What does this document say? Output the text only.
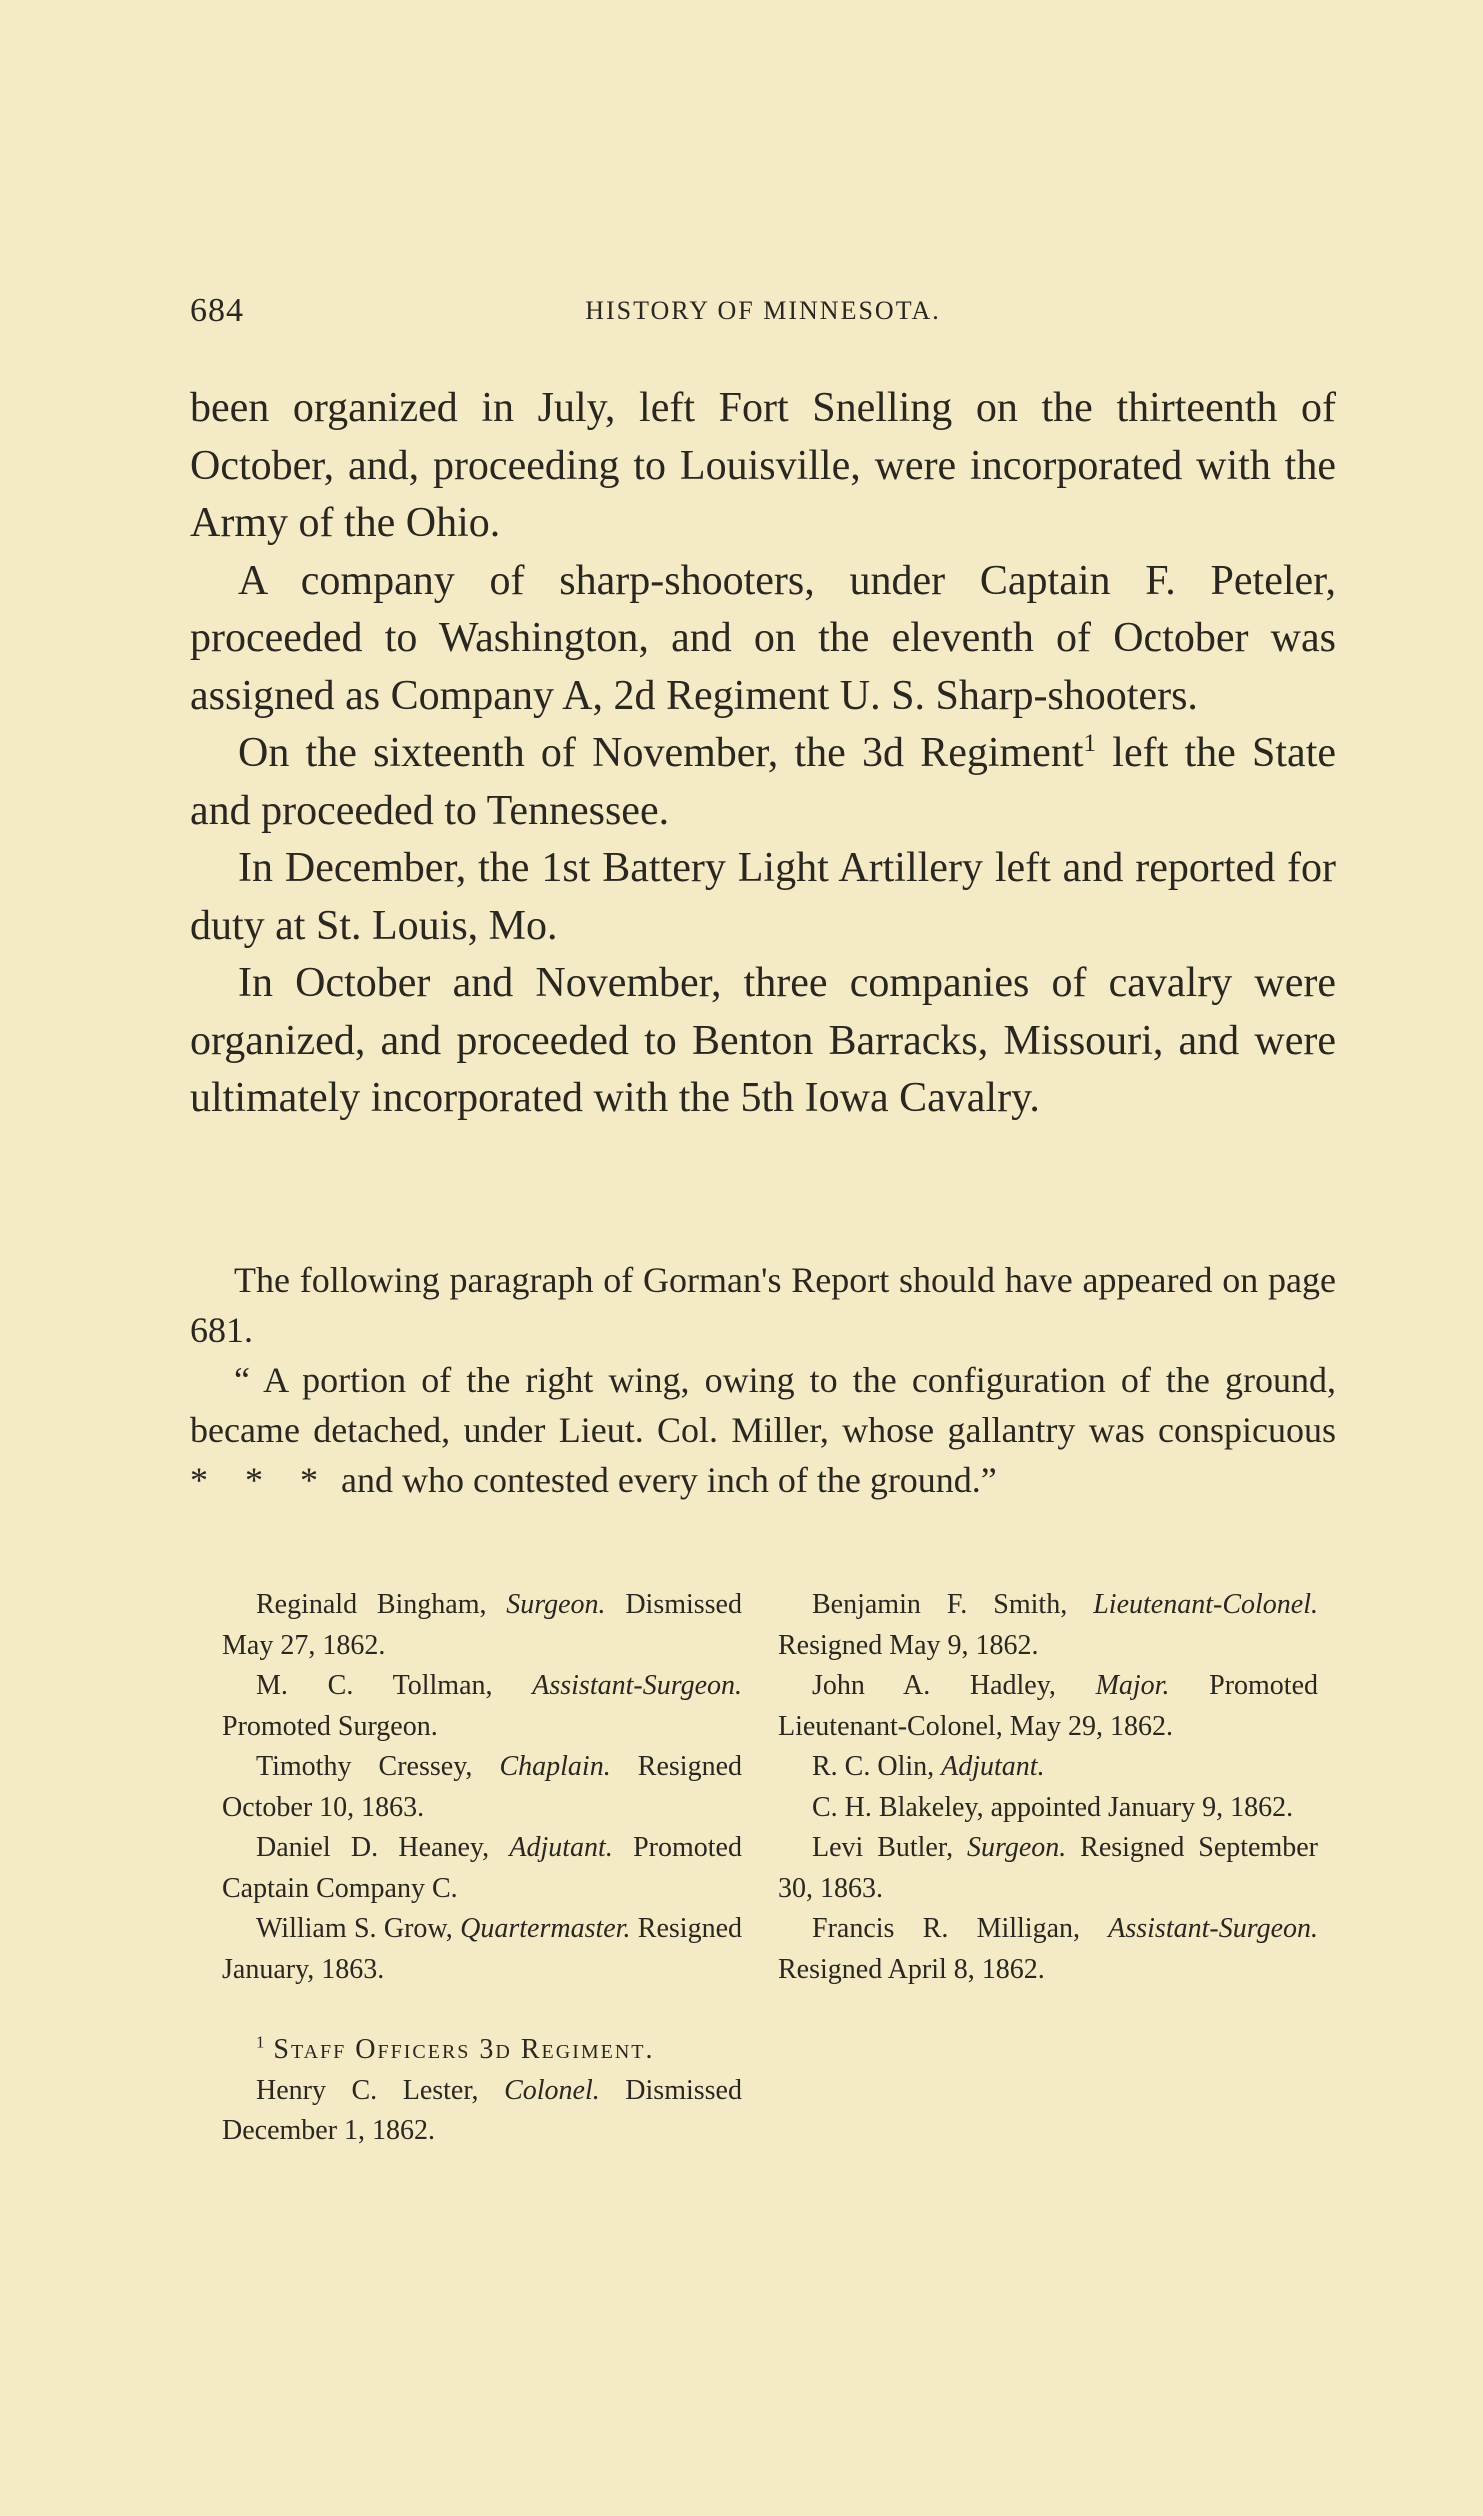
684	HISTORY OF MINNESOTA.

been organized in July, left Fort Snelling on the thirteenth of October, and, proceeding to Louisville, were incorporated with the Army of the Ohio.

A company of sharp-shooters, under Captain F. Peteler, proceeded to Washington, and on the eleventh of October was assigned as Company A, 2d Regiment U. S. Sharp-shooters.

On the sixteenth of November, the 3d Regiment$^1$ left the State and proceeded to Tennessee.

In December, the 1st Battery Light Artillery left and reported for duty at St. Louis, Mo.

In October and November, three companies of cavalry were organized, and proceeded to Benton Barracks, Missouri, and were ultimately incorporated with the 5th Iowa Cavalry.

The following paragraph of Gorman's Report should have appeared on page 681.

“ A portion of the right wing, owing to the configuration of the ground, became detached, under Lieut. Col. Miller, whose gallantry was conspicuous * * * and who contested every inch of the ground.”

Reginald Bingham, Surgeon. Dismissed May 27, 1862.

M. C. Tollman, Assistant-Surgeon. Promoted Surgeon.

Timothy Cressey, Chaplain. Resigned October 10, 1863.

Daniel D. Heaney, Adjutant. Promoted Captain Company C.

William S. Grow, Quartermaster. Resigned January, 1863.

$^1$ Staff Officers 3d Regiment.

Henry C. Lester, Colonel. Dismissed December 1, 1862.

Benjamin F. Smith, Lieutenant-Colonel. Resigned May 9, 1862.

John A. Hadley, Major. Promoted Lieutenant-Colonel, May 29, 1862.

R. C. Olin, Adjutant.

C. H. Blakeley, appointed January 9, 1862.

Levi Butler, Surgeon. Resigned September 30, 1863.

Francis R. Milligan, Assistant-Surgeon. Resigned April 8, 1862.
